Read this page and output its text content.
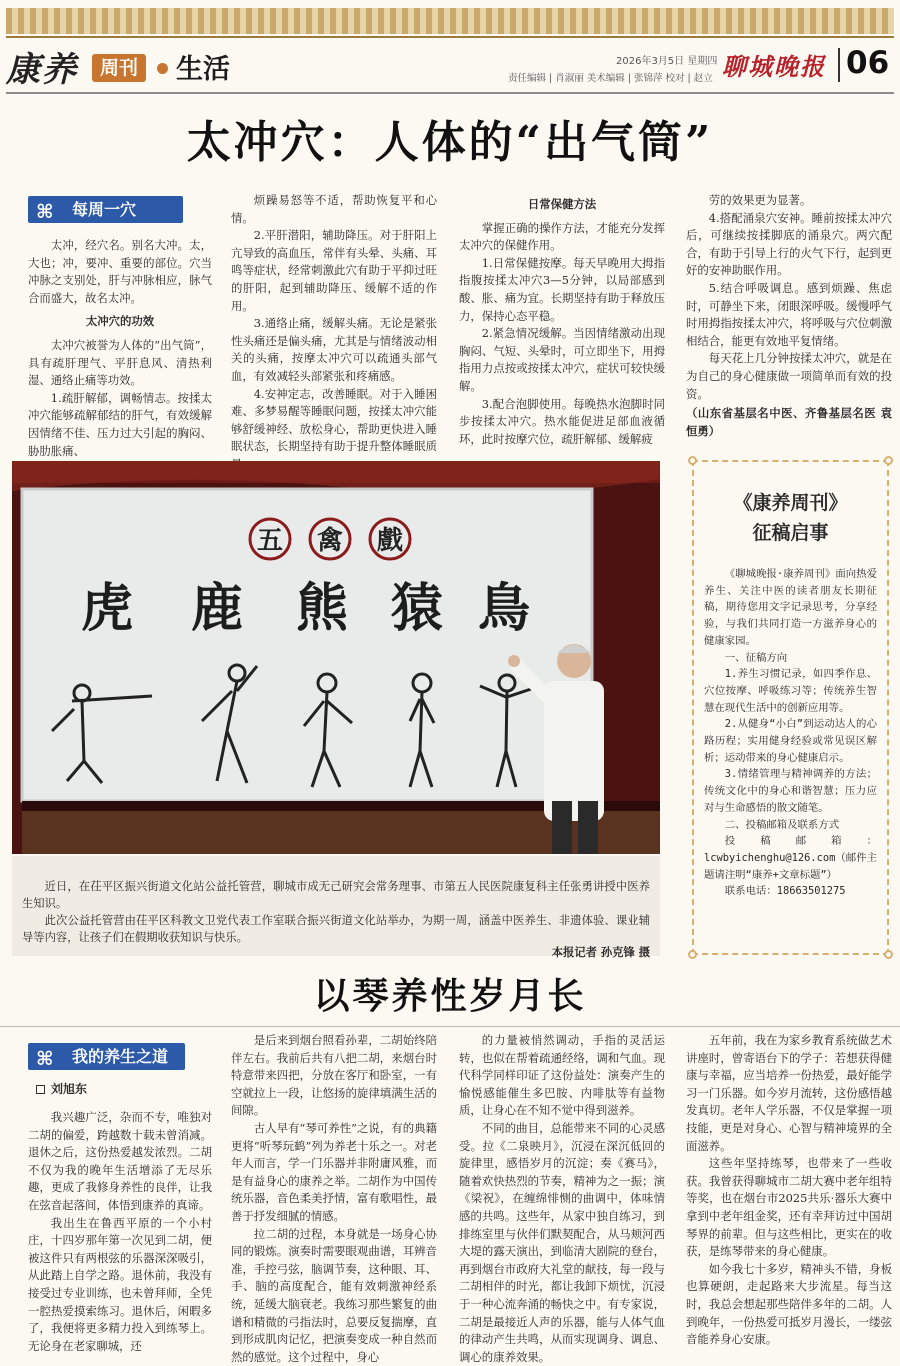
康养	周刊 生活	2026年3月5日 星期四
责任编辑 | 肖淑丽 美术编辑 | 张锦萍 校对 | 赵立 聊城晚报 06
太冲穴：人体的“出气筒”
⌘ 每周一穴

太冲，经穴名。别名大冲。太，大也；冲，要冲、重要的部位。穴当冲脉之支别处，肝与冲脉相应，脉气合而盛大，故名太冲。

太冲穴的功效

太冲穴被誉为人体的“出气筒”，具有疏肝理气、平肝息风、清热利湿、通络止痛等功效。

1.疏肝解郁，调畅情志。按揉太冲穴能够疏解郁结的肝气，有效缓解因情绪不佳、压力过大引起的胸闷、胁肋胀痛、

烦躁易怒等不适，帮助恢复平和心情。

2.平肝潜阳，辅助降压。对于肝阳上亢导致的高血压，常伴有头晕、头痛、耳鸣等症状，经常刺激此穴有助于平抑过旺的肝阳，起到辅助降压、缓解不适的作用。

3.通络止痛，缓解头痛。无论是紧张性头痛还是偏头痛，尤其是与情绪波动相关的头痛，按摩太冲穴可以疏通头部气血，有效减轻头部紧张和疼痛感。

4.安神定志，改善睡眠。对于入睡困难、多梦易醒等睡眠问题，按揉太冲穴能够舒缓神经、放松身心，帮助更快进入睡眠状态，长期坚持有助于提升整体睡眠质

日常保健方法

掌握正确的操作方法，才能充分发挥太冲穴的保健作用。

1.日常保健按摩。每天早晚用大拇指指腹按揉太冲穴3—5分钟，以局部感到酸、胀、痛为宜。长期坚持有助于释放压力，保持心态平稳。

2.紧急情况缓解。当因情绪激动出现胸闷、气短、头晕时，可立即坐下，用拇指用力点按或按揉太冲穴，症状可较快缓解。

3.配合泡脚使用。每晚热水泡脚时同步按揉太冲穴。热水能促进足部血液循环，此时按摩穴位，疏肝解郁、缓解疲

劳的效果更为显著。

4.搭配涌泉穴安神。睡前按揉太冲穴后，可继续按揉脚底的涌泉穴。两穴配合，有助于引导上行的火气下行，起到更好的安神助眠作用。

5.结合呼吸调息。感到烦躁、焦虑时，可静坐下来，闭眼深呼吸。缓慢呼气时用拇指按揉太冲穴，将呼吸与穴位刺激相结合，能更有效地平复情绪。

每天花上几分钟按揉太冲穴，就是在为自己的身心健康做一项简单而有效的投资。

（山东省基层名中医、齐鲁基层名医 袁恒勇）

五 禽 戲
虎 鹿 熊 猿 鳥

近日，在茌平区振兴街道文化站公益托管营，聊城市成无己研究会常务理事、市第五人民医院康复科主任张勇讲授中医养生知识。

此次公益托管营由茌平区科教文卫党代表工作室联合振兴街道文化站举办，为期一周，涵盖中医养生、非遗体验、课业辅导等内容，让孩子们在假期收获知识与快乐。

本报记者 孙克锋 摄

《康养周刊》
征稿启事

《聊城晚报·康养周刊》面向热爱养生、关注中医的读者朋友长期征稿，期待您用文字记录思考，分享经验，与我们共同打造一方滋养身心的健康家园。

一、征稿方向

1.养生习惯记录，如四季作息、穴位按摩、呼吸练习等；传统养生智慧在现代生活中的创新应用等。

2.从健身“小白”到运动达人的心路历程；实用健身经验或常见误区解析；运动带来的身心健康启示。

3.情绪管理与精神调养的方法；传统文化中的身心和谐智慧；压力应对与生命感悟的散文随笔。

二、投稿邮箱及联系方式

投稿邮箱：lcwbyichenghu@126.com（邮件主题请注明“康养+文章标题”）

联系电话：18663501275

以琴养性岁月长
⌘ 我的养生之道
刘旭东

我兴趣广泛，杂而不专，唯独对二胡的偏爱，跨越数十载未曾消减。退休之后，这份热爱越发浓烈。二胡不仅为我的晚年生活增添了无尽乐趣，更成了我修身养性的良伴，让我在弦音起落间，体悟到康养的真谛。

我出生在鲁西平原的一个小村庄，十四岁那年第一次见到二胡，便被这件只有两根弦的乐器深深吸引，从此踏上自学之路。退休前，我没有接受过专业训练，也未曾拜师，全凭一腔热爱摸索练习。退休后，闲暇多了，我便将更多精力投入到练琴上。无论身在老家聊城，还

是后来到烟台照看孙辈，二胡始终陪伴左右。我前后共有八把二胡，来烟台时特意带来四把，分放在客厅和卧室，一有空就拉上一段，让悠扬的旋律填满生活的间隙。

古人早有“琴可养性”之说，有的典籍更将“听琴玩鹤”列为养老十乐之一。对老年人而言，学一门乐器并非附庸风雅，而是有益身心的康养之举。二胡作为中国传统乐器，音色柔美抒情，富有歌唱性，最善于抒发细腻的情感。

拉二胡的过程，本身就是一场身心协同的锻炼。演奏时需要眼观曲谱，耳辨音准，手控弓弦，脑调节奏，这种眼、耳、手、脑的高度配合，能有效刺激神经系统，延缓大脑衰老。我练习那些繁复的曲谱和精微的弓指法时，总要反复揣摩，直到形成肌肉记忆，把演奏变成一种自然而然的感觉。这个过程中，身心

的力量被悄然调动，手指的灵活运转，也似在帮着疏通经络，调和气血。现代科学同样印证了这份益处：演奏产生的愉悦感能催生多巴胺、内啡肽等有益物质，让身心在不知不觉中得到滋养。

不同的曲目，总能带来不同的心灵感受。拉《二泉映月》，沉浸在深沉低回的旋律里，感悟岁月的沉淀；奏《赛马》，随着欢快热烈的节奏，精神为之一振；演《梁祝》，在缠绵悱恻的曲调中，体味情感的共鸣。这些年，从家中独自练习，到排练室里与伙伴们默契配合，从马颊河西大堤的露天演出，到临清大剧院的登台，再到烟台市政府大礼堂的献技，每一段与二胡相伴的时光，都让我卸下烦忧，沉浸于一种心流奔涌的畅快之中。有专家说，二胡是最接近人声的乐器，能与人体气血的律动产生共鸣，从而实现调身、调息、调心的康养效果。

五年前，我在为家乡教育系统做艺术讲座时，曾寄语台下的学子：若想获得健康与幸福，应当培养一份热爱，最好能学习一门乐器。如今岁月流转，这份感悟越发真切。老年人学乐器，不仅是掌握一项技能，更是对身心、心智与精神境界的全面滋养。

这些年坚持练琴，也带来了一些收获。我曾获得聊城市二胡大赛中老年组特等奖，也在烟台市2025共乐·器乐大赛中拿到中老年组金奖，还有幸拜访过中国胡琴界的前辈。但与这些相比，更实在的收获，是练琴带来的身心健康。

如今我七十多岁，精神头不错，身板也算硬朗，走起路来大步流星。每当这时，我总会想起那些陪伴多年的二胡。人到晚年，一份热爱可抵岁月漫长，一缕弦音能养身心安康。
